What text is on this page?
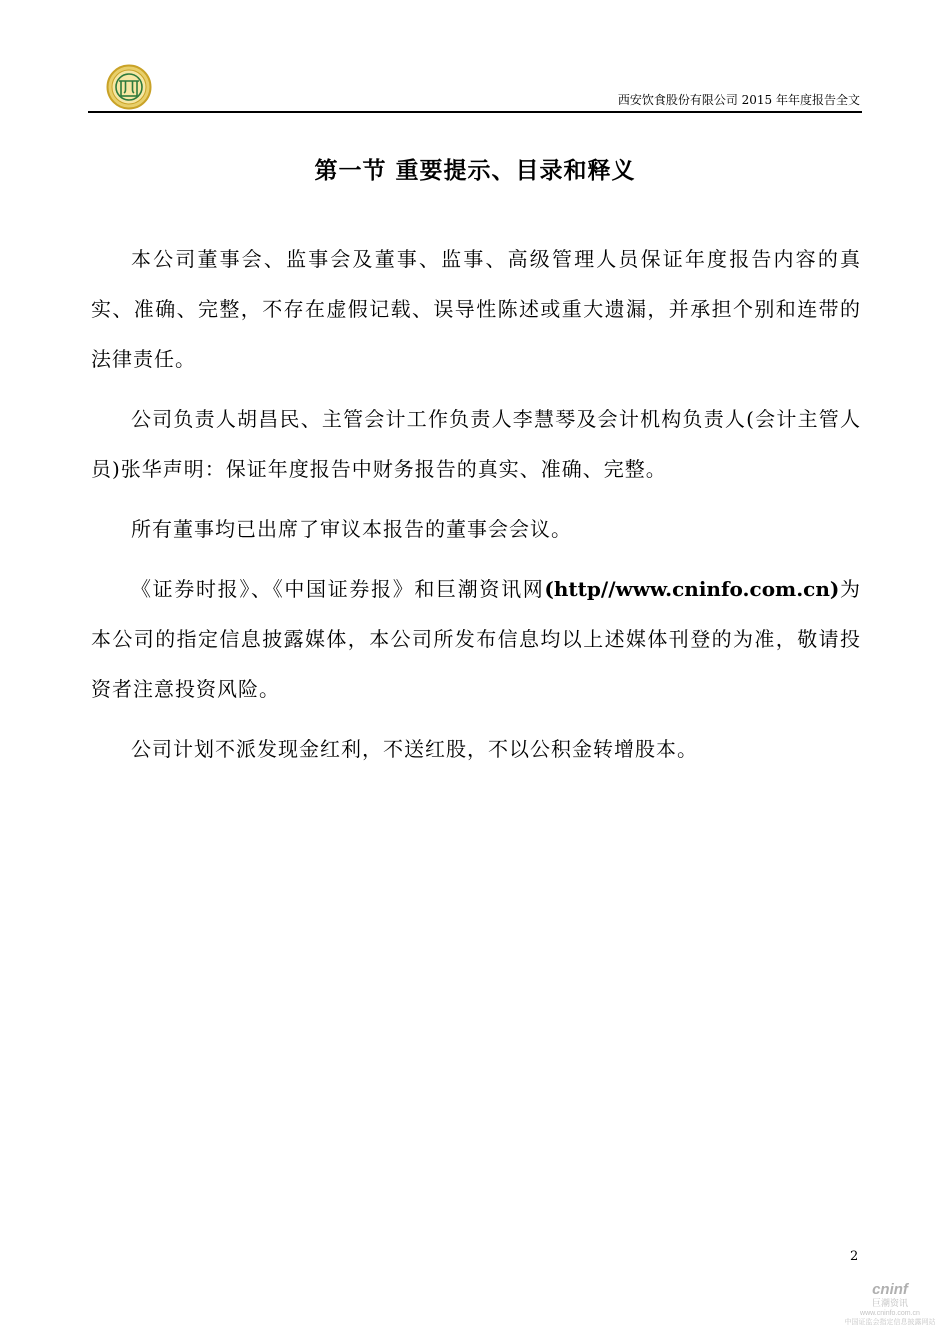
西安饮食股份有限公司 2015 年年度报告全文
第一节 重要提示、目录和释义

本公司董事会、监事会及董事、监事、高级管理人员保证年度报告内容的真实、准确、完整，不存在虚假记载、误导性陈述或重大遗漏，并承担个别和连带的法律责任。

公司负责人胡昌民、主管会计工作负责人李慧琴及会计机构负责人(会计主管人员)张华声明：保证年度报告中财务报告的真实、准确、完整。

所有董事均已出席了审议本报告的董事会会议。

《证券时报》、《中国证券报》和巨潮资讯网(http//www.cninfo.com.cn)为本公司的指定信息披露媒体，本公司所发布信息均以上述媒体刊登的为准，敬请投资者注意投资风险。

公司计划不派发现金红利，不送红股，不以公积金转增股本。

2
cninf
巨潮资讯
www.cninfo.com.cn
中国证监会指定信息披露网站
